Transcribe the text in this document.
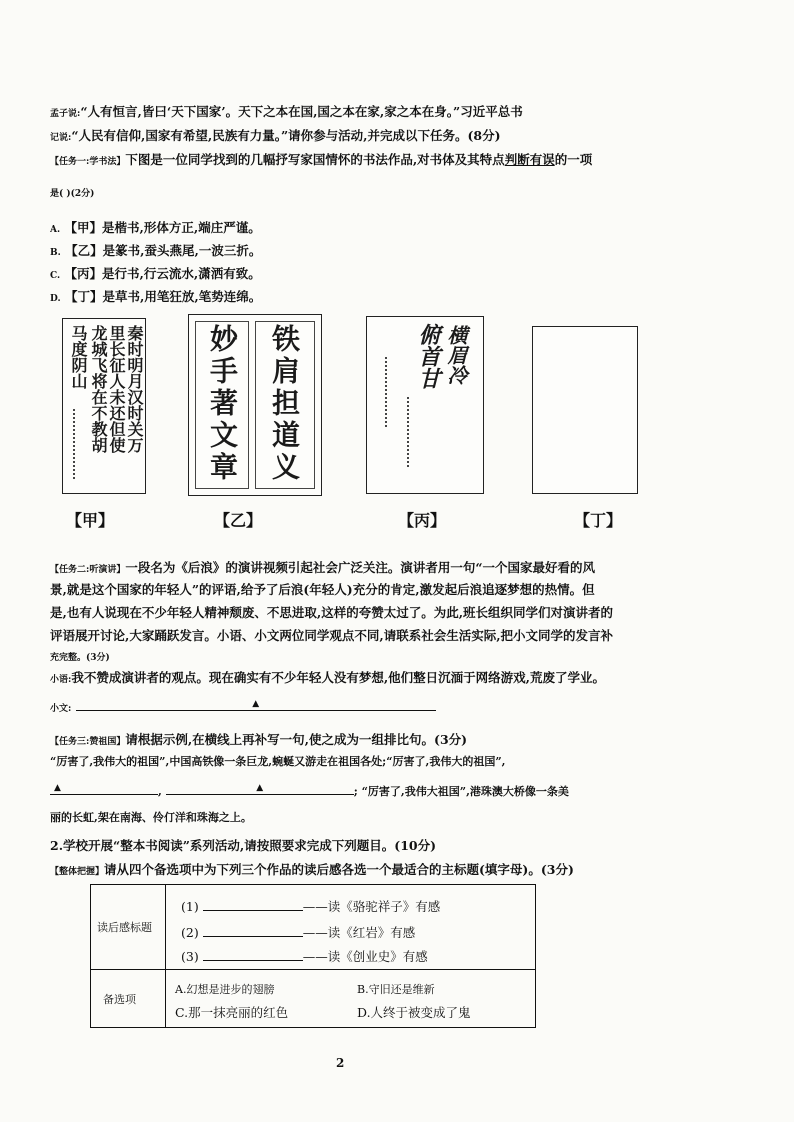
孟子说:“人有恒言,皆曰‘天下国家’。天下之本在国,国之本在家,家之本在身。”习近平总书
记说:“人民有信仰,国家有希望,民族有力量。”请你参与活动,并完成以下任务。(8分)
【任务一:学书法】下图是一位同学找到的几幅抒写家国情怀的书法作品,对书体及其特点判断有误的一项
是( )(2分)
A. 【甲】是楷书,形体方正,端庄严谨。
B. 【乙】是篆书,蚕头燕尾,一波三折。
C. 【丙】是行书,行云流水,潇洒有致。
D. 【丁】是草书,用笔狂放,笔势连绵。
秦时明月汉时关万
里长征人未还但使
龙城飞将在不教胡
马度阴山
【甲】
妙手著文章 铁肩担道义
【乙】
横眉冷
俯首甘
【丙】	【丁】
【任务二:听演讲】一段名为《后浪》的演讲视频引起社会广泛关注。演讲者用一句“一个国家最好看的风
景,就是这个国家的年轻人”的评语,给予了后浪(年轻人)充分的肯定,激发起后浪追逐梦想的热情。但
是,也有人说现在不少年轻人精神颓废、不思进取,这样的夸赞太过了。为此,班长组织同学们对演讲者的
评语展开讨论,大家踊跃发言。小语、小文两位同学观点不同,请联系社会生活实际,把小文同学的发言补
充完整。(3分)
小语:我不赞成演讲者的观点。现在确实有不少年轻人没有梦想,他们整日沉湎于网络游戏,荒废了学业。
小文:	▲
【任务三:赞祖国】请根据示例,在横线上再补写一句,使之成为一组排比句。(3分)
“厉害了,我伟大的祖国”,中国高铁像一条巨龙,蜿蜒又游走在祖国各处;“厉害了,我伟大的祖国”,
▲	,	▲	; “厉害了,我伟大祖国”,港珠澳大桥像一条美
丽的长虹,架在南海、伶仃洋和珠海之上。
2.学校开展“整本书阅读”系列活动,请按照要求完成下列题目。(10分)
【整体把握】请从四个备选项中为下列三个作品的读后感各选一个最适合的主标题(填字母)。(3分)
读后感标题
(1)	——读《骆驼祥子》有感
(2)	——读《红岩》有感
(3)	——读《创业史》有感
备选项
A.幻想是进步的翅膀	B.守旧还是维新
C.那一抹亮丽的红色	D.人终于被变成了鬼
2
